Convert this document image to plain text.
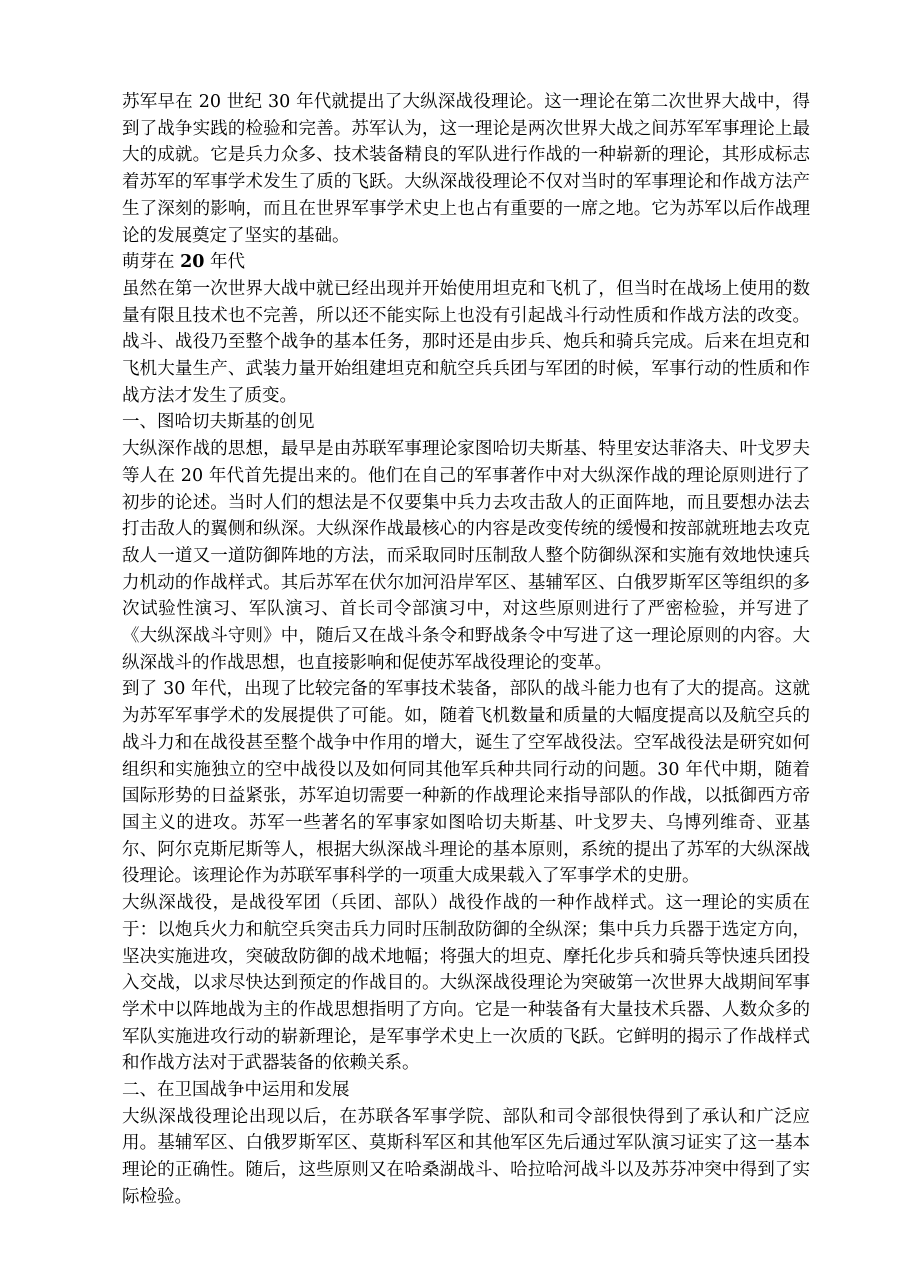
苏军早在 20 世纪 30 年代就提出了大纵深战役理论。这一理论在第二次世界大战中，得到了战争实践的检验和完善。苏军认为，这一理论是两次世界大战之间苏军军事理论上最大的成就。它是兵力众多、技术装备精良的军队进行作战的一种崭新的理论，其形成标志着苏军的军事学术发生了质的飞跃。大纵深战役理论不仅对当时的军事理论和作战方法产生了深刻的影响，而且在世界军事学术史上也占有重要的一席之地。它为苏军以后作战理论的发展奠定了坚实的基础。

萌芽在 20 年代

虽然在第一次世界大战中就已经出现并开始使用坦克和飞机了，但当时在战场上使用的数量有限且技术也不完善，所以还不能实际上也没有引起战斗行动性质和作战方法的改变。战斗、战役乃至整个战争的基本任务，那时还是由步兵、炮兵和骑兵完成。后来在坦克和飞机大量生产、武装力量开始组建坦克和航空兵兵团与军团的时候，军事行动的性质和作战方法才发生了质变。

一、图哈切夫斯基的创见

大纵深作战的思想，最早是由苏联军事理论家图哈切夫斯基、特里安达菲洛夫、叶戈罗夫等人在 20 年代首先提出来的。他们在自己的军事著作中对大纵深作战的理论原则进行了初步的论述。当时人们的想法是不仅要集中兵力去攻击敌人的正面阵地，而且要想办法去打击敌人的翼侧和纵深。大纵深作战最核心的内容是改变传统的缓慢和按部就班地去攻克敌人一道又一道防御阵地的方法，而采取同时压制敌人整个防御纵深和实施有效地快速兵力机动的作战样式。其后苏军在伏尔加河沿岸军区、基辅军区、白俄罗斯军区等组织的多次试验性演习、军队演习、首长司令部演习中，对这些原则进行了严密检验，并写进了《大纵深战斗守则》中，随后又在战斗条令和野战条令中写进了这一理论原则的内容。大纵深战斗的作战思想，也直接影响和促使苏军战役理论的变革。

到了 30 年代，出现了比较完备的军事技术装备，部队的战斗能力也有了大的提高。这就为苏军军事学术的发展提供了可能。如，随着飞机数量和质量的大幅度提高以及航空兵的战斗力和在战役甚至整个战争中作用的增大，诞生了空军战役法。空军战役法是研究如何组织和实施独立的空中战役以及如何同其他军兵种共同行动的问题。30 年代中期，随着国际形势的日益紧张，苏军迫切需要一种新的作战理论来指导部队的作战，以抵御西方帝国主义的进攻。苏军一些著名的军事家如图哈切夫斯基、叶戈罗夫、乌博列维奇、亚基尔、阿尔克斯尼斯等人，根据大纵深战斗理论的基本原则，系统的提出了苏军的大纵深战役理论。该理论作为苏联军事科学的一项重大成果载入了军事学术的史册。

大纵深战役，是战役军团（兵团、部队）战役作战的一种作战样式。这一理论的实质在于：以炮兵火力和航空兵突击兵力同时压制敌防御的全纵深；集中兵力兵器于选定方向，坚决实施进攻，突破敌防御的战术地幅；将强大的坦克、摩托化步兵和骑兵等快速兵团投入交战，以求尽快达到预定的作战目的。大纵深战役理论为突破第一次世界大战期间军事学术中以阵地战为主的作战思想指明了方向。它是一种装备有大量技术兵器、人数众多的军队实施进攻行动的崭新理论，是军事学术史上一次质的飞跃。它鲜明的揭示了作战样式和作战方法对于武器装备的依赖关系。

二、在卫国战争中运用和发展

大纵深战役理论出现以后，在苏联各军事学院、部队和司令部很快得到了承认和广泛应用。基辅军区、白俄罗斯军区、莫斯科军区和其他军区先后通过军队演习证实了这一基本理论的正确性。随后，这些原则又在哈桑湖战斗、哈拉哈河战斗以及苏芬冲突中得到了实际检验。
